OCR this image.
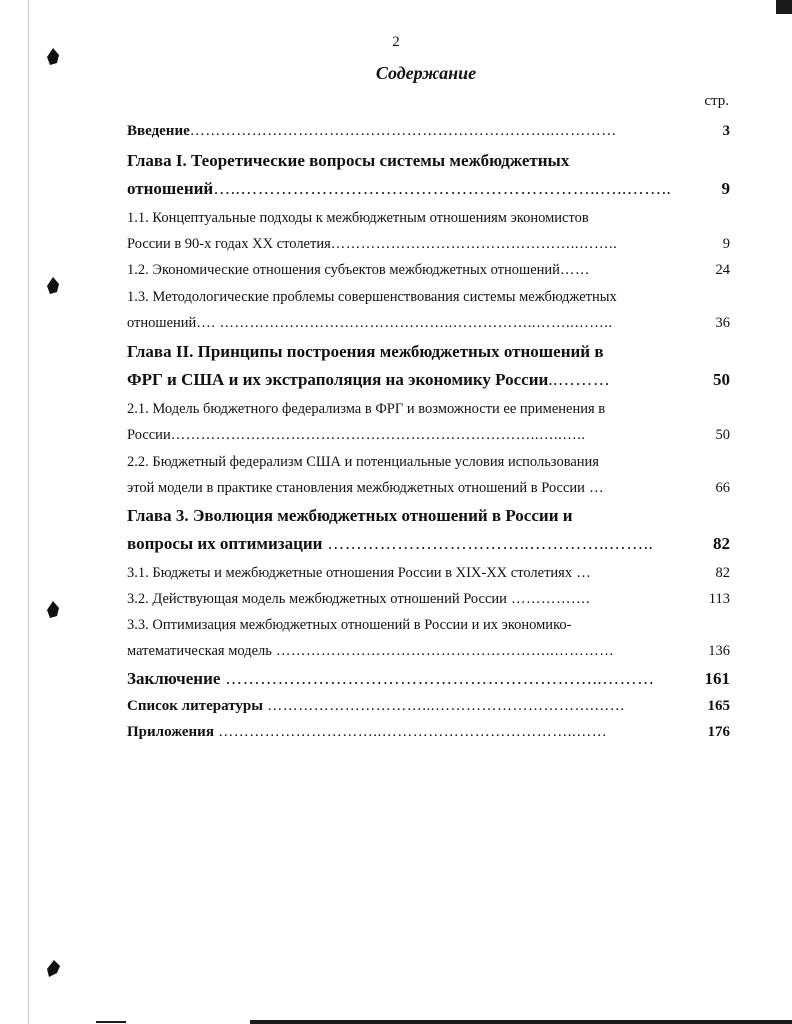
2
Содержание
стр.
Введение……………………………………………………………..…………	3
Глава I. Теоретические вопросы системы межбюджетных
отношений…..……………………………………………………..…..……..	9
1.1. Концептуальные подходы к межбюджетным отношениям экономистов
России в 90-х годах XX столетия…………………………………………..……..	9
1.2. Экономические отношения субъектов межбюджетных отношений……	24
1.3. Методологические проблемы совершенствования системы межбюджетных
отношений…. ………………………………………..……………..……..……..	36
Глава II. Принципы построения межбюджетных отношений в
ФРГ и США и их экстраполяция на экономику России..………	50
2.1. Модель бюджетного федерализма в ФРГ и возможности ее применения в
России………………………………………………………………..…..…..	50
2.2. Бюджетный федерализм США и потенциальные условия использования
этой модели в практике становления межбюджетных отношений в России …	66
Глава 3. Эволюция межбюджетных отношений в России и
вопросы их оптимизации ……………………………..…………..……..	82
3.1. Бюджеты и межбюджетные отношения России в XIX-XX столетиях …	82
3.2. Действующая модель межбюджетных отношений России …………….	113
3.3. Оптимизация межбюджетных отношений в России и их экономико-
математическая модель ………………………………………………..…………	136
Заключение ………………………………………………………..………	161
Список литературы …………………………...………………………….……	165
Приложения …………………………..………………………………..……	176
